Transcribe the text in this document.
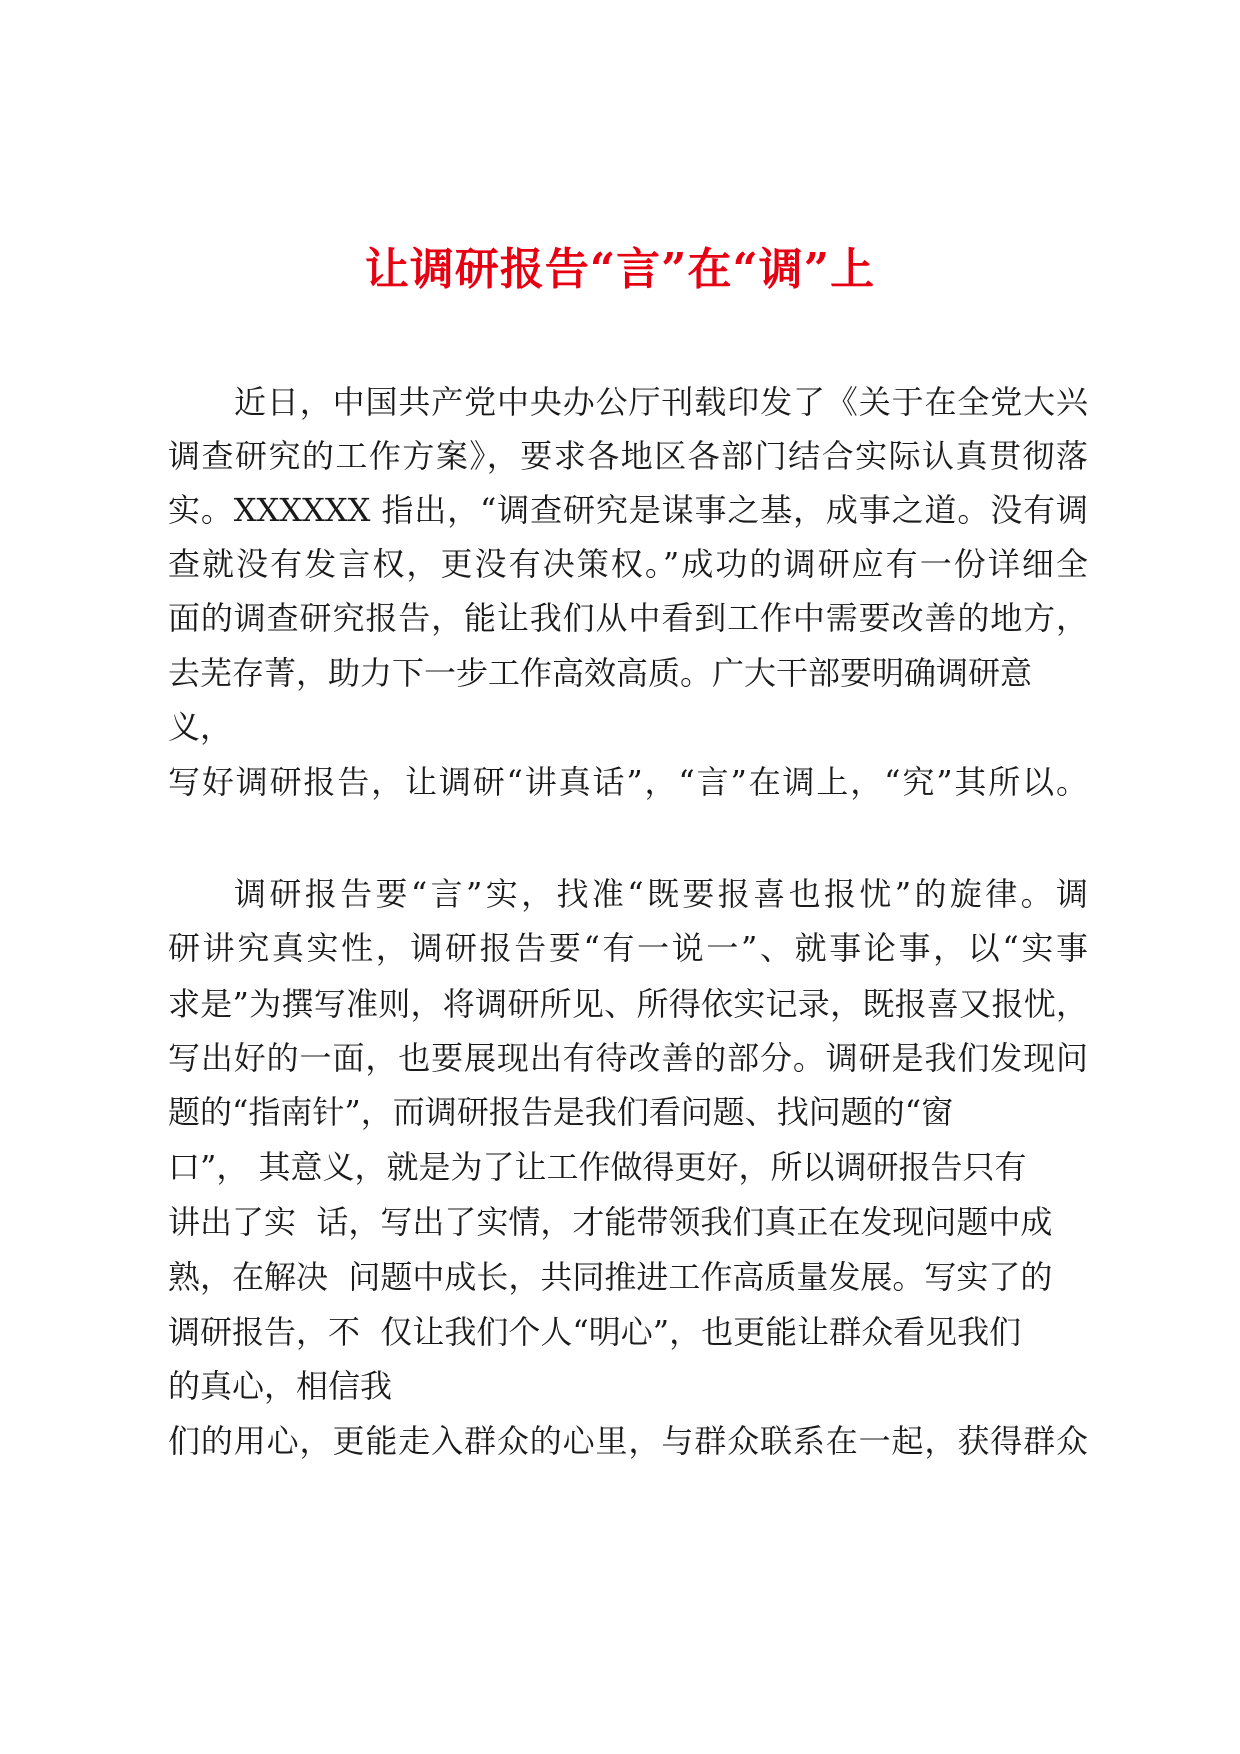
让调研报告“言”在“调”上
近日，中国共产党中央办公厅刊载印发了《关于在全党大兴
调查研究的工作方案》，要求各地区各部门结合实际认真贯彻落
实。XXXXXX 指出，“调查研究是谋事之基，成事之道。没有调
查就没有发言权，更没有决策权。”成功的调研应有一份详细全
面的调查研究报告，能让我们从中看到工作中需要改善的地方，
去芜存菁，助力下一步工作高效高质。广大干部要明确调研意
义，
写好调研报告，让调研“讲真话”，“言”在调上，“究”其所以。
调研报告要“言”实，找准“既要报喜也报忧”的旋律。调
研讲究真实性，调研报告要“有一说一”、就事论事，以“实事
求是”为撰写准则，将调研所见、所得依实记录，既报喜又报忧，
写出好的一面，也要展现出有待改善的部分。调研是我们发现问
题的“指南针”，而调研报告是我们看问题、找问题的“窗
口”， 其意义，就是为了让工作做得更好，所以调研报告只有
讲出了实  话，写出了实情，才能带领我们真正在发现问题中成
熟，在解决  问题中成长，共同推进工作高质量发展。写实了的
调研报告，不  仅让我们个人“明心”，也更能让群众看见我们
的真心，相信我
们的用心，更能走入群众的心里，与群众联系在一起，获得群众
